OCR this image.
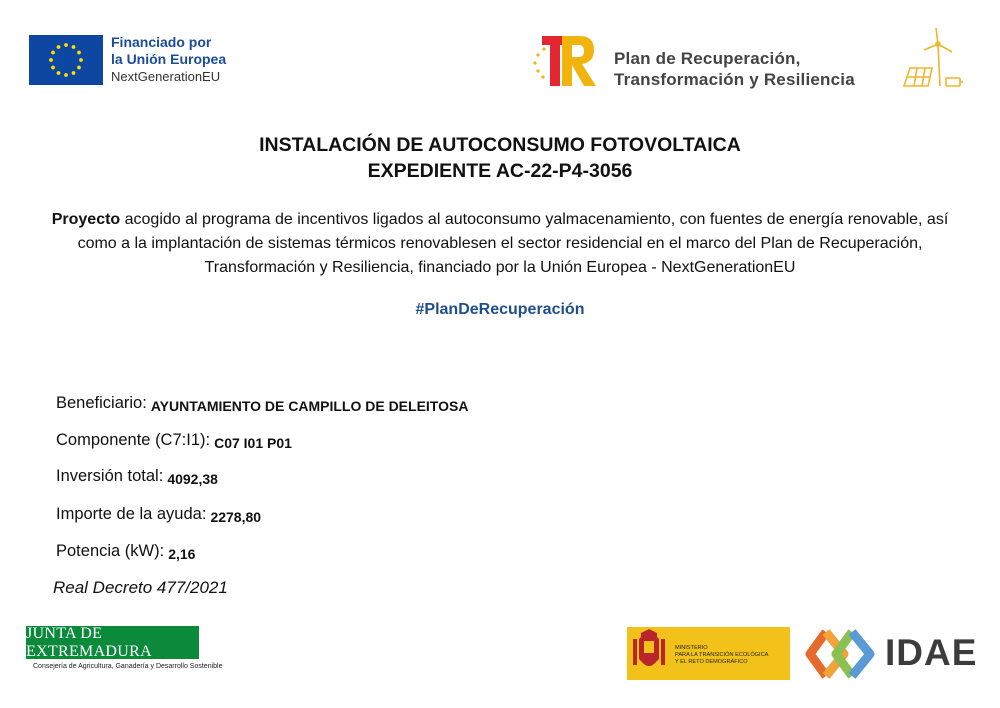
Financiado por
la Unión Europea
NextGenerationEU
Plan de Recuperación,
Transformación y Resiliencia
INSTALACIÓN DE AUTOCONSUMO FOTOVOLTAICA
EXPEDIENTE AC-22-P4-3056
Proyecto acogido al programa de incentivos ligados al autoconsumo yalmacenamiento, con fuentes de energía renovable, así como a la implantación de sistemas térmicos renovablesen el sector residencial en el marco del Plan de Recuperación, Transformación y Resiliencia, financiado por la Unión Europea - NextGenerationEU
#PlanDeRecuperación
Beneficiario: AYUNTAMIENTO DE CAMPILLO DE DELEITOSA
Componente (C7:I1): C07 I01 P01
Inversión total: 4092,38
Importe de la ayuda: 2278,80
Potencia (kW): 2,16
Real Decreto 477/2021
JUNTA DE EXTREMADURA
Consejería de Agricultura, Ganadería y Desarrollo Sostenible
MINISTERIO
PARA LA TRANSICIÓN ECOLÓGICA
Y EL RETO DEMOGRÁFICO	IDAE
